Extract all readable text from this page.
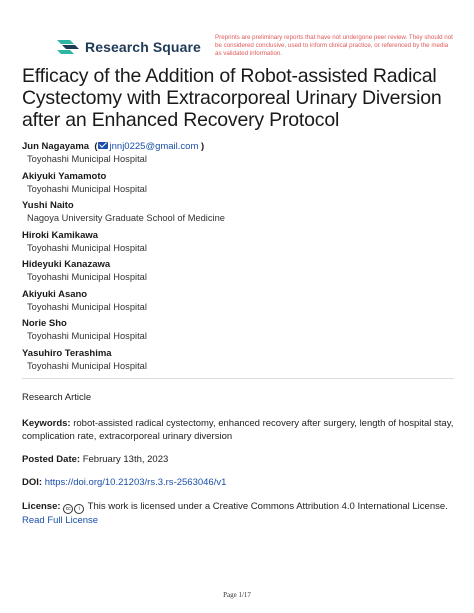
Research Square
Preprints are preliminary reports that have not undergone peer review. They should not be considered conclusive, used to inform clinical practice, or referenced by the media as validated information.
Efficacy of the Addition of Robot-assisted Radical Cystectomy with Extracorporeal Urinary Diversion after an Enhanced Recovery Protocol
Jun Nagayama  ( jnnj0225@gmail.com )
Toyohashi Municipal Hospital
Akiyuki Yamamoto
Toyohashi Municipal Hospital
Yushi Naito
Nagoya University Graduate School of Medicine
Hiroki Kamikawa
Toyohashi Municipal Hospital
Hideyuki Kanazawa
Toyohashi Municipal Hospital
Akiyuki Asano
Toyohashi Municipal Hospital
Norie Sho
Toyohashi Municipal Hospital
Yasuhiro Terashima
Toyohashi Municipal Hospital
Research Article
Keywords: robot-assisted radical cystectomy, enhanced recovery after surgery, length of hospital stay, complication rate, extracorporeal urinary diversion
Posted Date: February 13th, 2023
DOI: https://doi.org/10.21203/rs.3.rs-2563046/v1
License: cc i This work is licensed under a Creative Commons Attribution 4.0 International License.
Read Full License
Page 1/17
